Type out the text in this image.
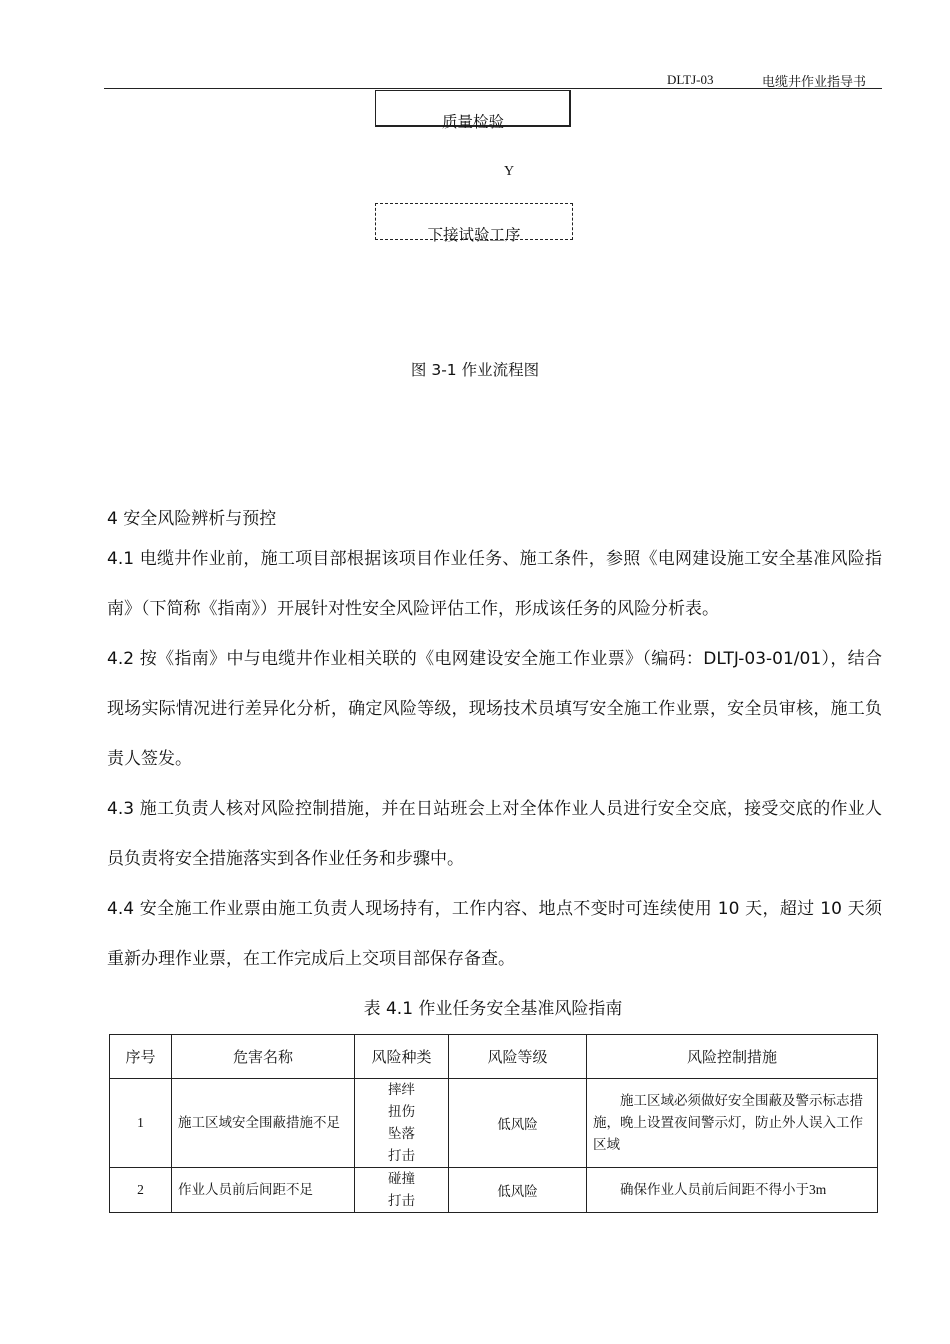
DLTJ-03	电缆井作业指导书
质量检验
Y
下接试验工序
图 3-1 作业流程图
4 安全风险辨析与预控
4.1 电缆井作业前，施工项目部根据该项目作业任务、施工条件，参照《电网建设施工安全基准风险指南》（下简称《指南》）开展针对性安全风险评估工作，形成该任务的风险分析表。
4.2 按《指南》中与电缆井作业相关联的《电网建设安全施工作业票》（编码：DLTJ-03-01/01），结合现场实际情况进行差异化分析，确定风险等级，现场技术员填写安全施工作业票，安全员审核，施工负责人签发。
4.3 施工负责人核对风险控制措施，并在日站班会上对全体作业人员进行安全交底，接受交底的作业人员负责将安全措施落实到各作业任务和步骤中。
4.4 安全施工作业票由施工负责人现场持有，工作内容、地点不变时可连续使用 10 天，超过 10 天须重新办理作业票，在工作完成后上交项目部保存备查。
表 4.1 作业任务安全基准风险指南
序号	危害名称	风险种类	风险等级	风险控制措施
1	施工区域安全围蔽措施不足	摔绊
扭伤
坠落
打击	低风险	施工区域必须做好安全围蔽及警示标志措施，晚上设置夜间警示灯，防止外人误入工作区域
2	作业人员前后间距不足	碰撞
打击	低风险	确保作业人员前后间距不得小于3m
